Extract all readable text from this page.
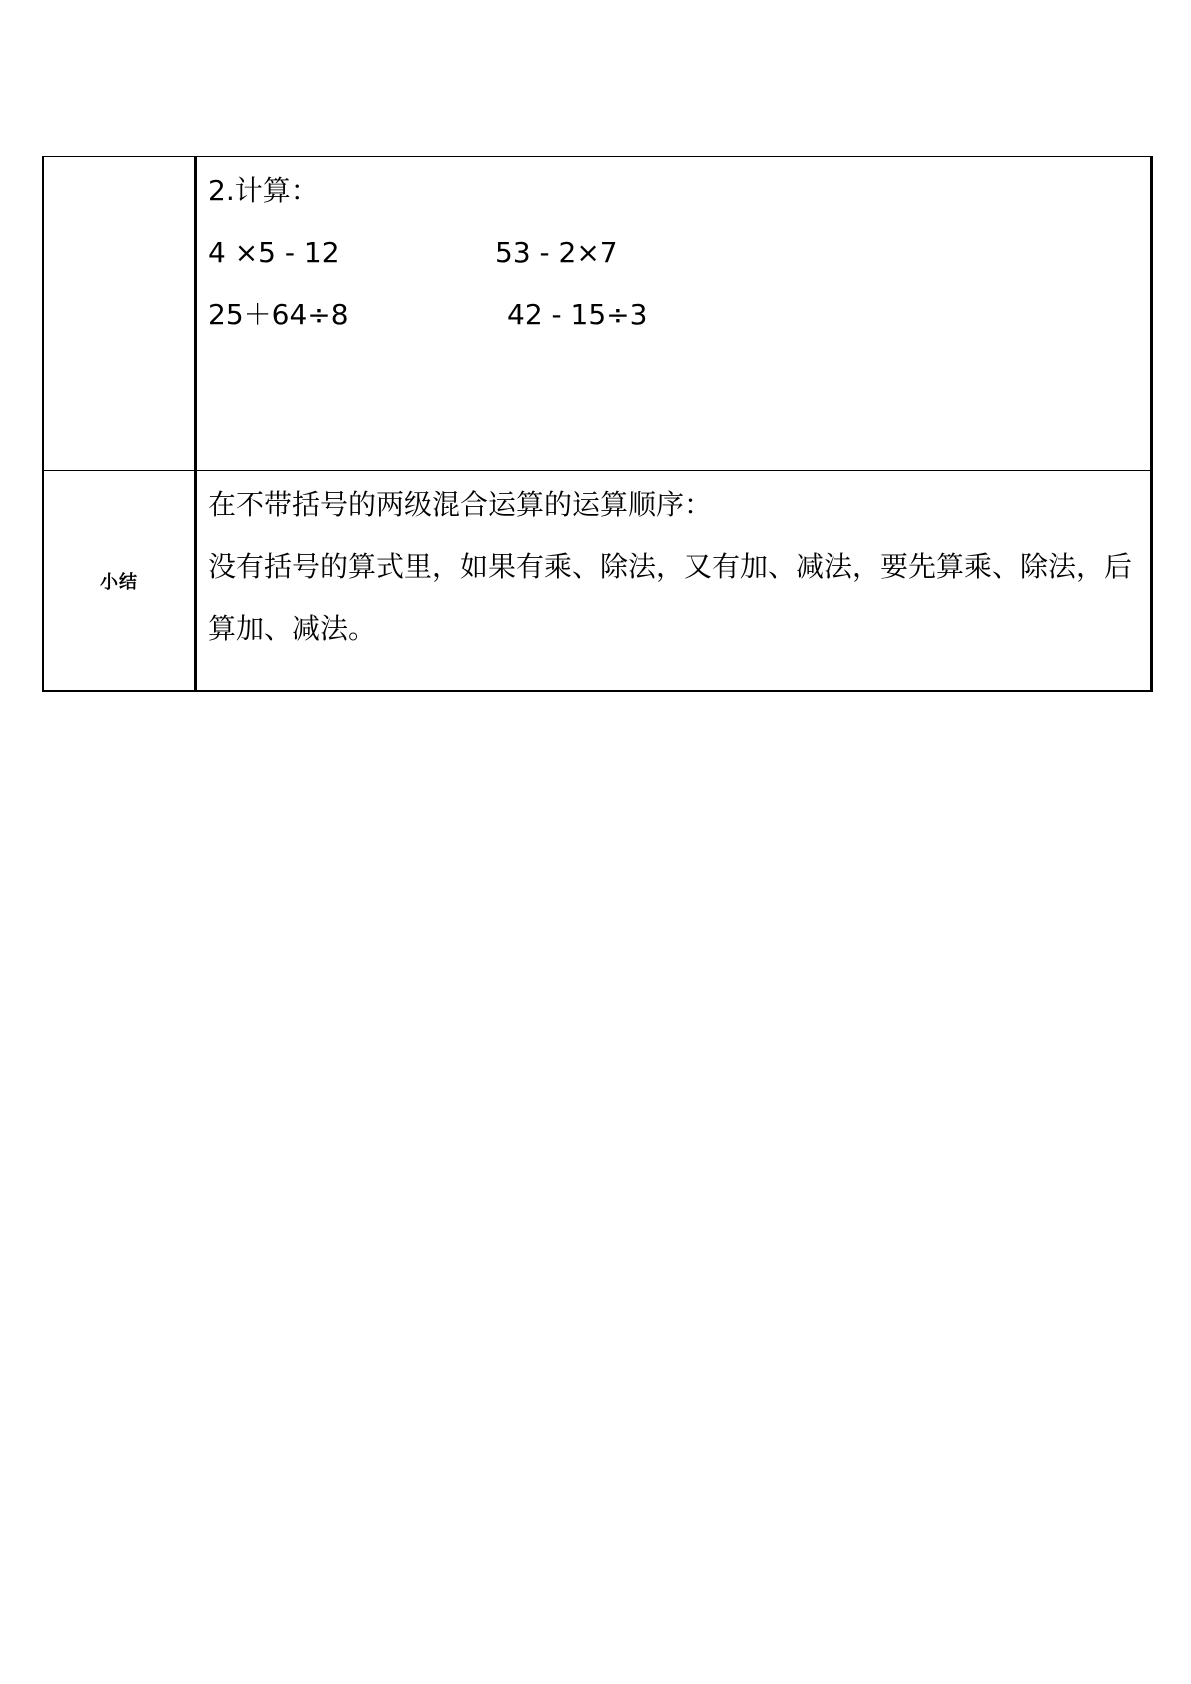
	2.计算：
4 ×5 - 12 53 - 2×7
25＋64÷8 42 - 15÷3

小结	在不带括号的两级混合运算的运算顺序：
没有括号的算式里，如果有乘、除法，又有加、减法，要先算乘、除法，后算加、减法。
